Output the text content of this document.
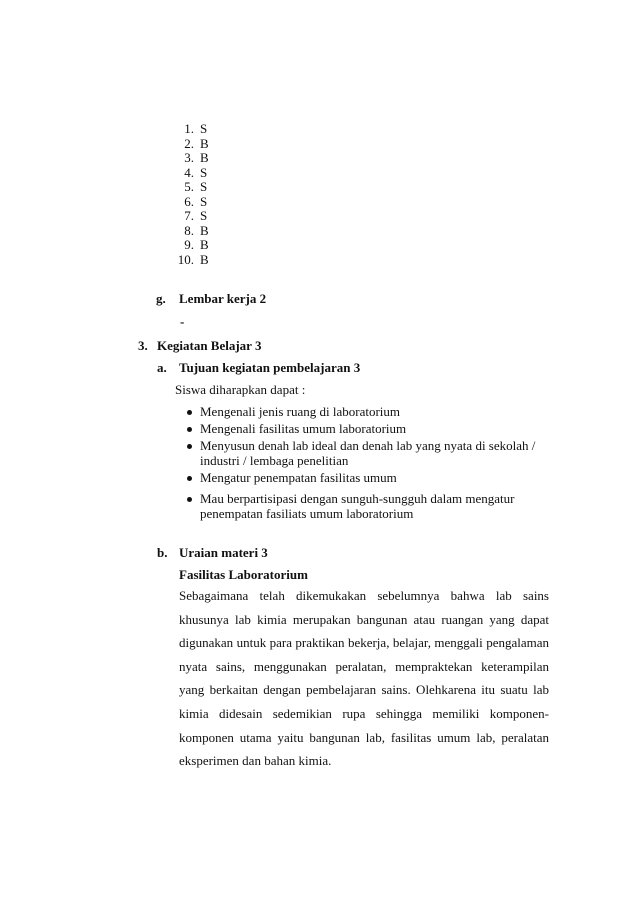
1. S
2. B
3. B
4. S
5. S
6. S
7. S
8. B
9. B
10. B
g. Lembar kerja 2
-
3. Kegiatan Belajar 3
a. Tujuan kegiatan pembelajaran 3
Siswa diharapkan dapat :
Mengenali jenis ruang di laboratorium
Mengenali fasilitas umum laboratorium
Menyusun denah lab ideal dan denah lab yang nyata di sekolah /
industri / lembaga penelitian
Mengatur penempatan fasilitas umum
Mau berpartisipasi dengan sunguh-sungguh dalam mengatur
penempatan fasiliats umum laboratorium
b. Uraian materi 3
Fasilitas Laboratorium
Sebagaimana telah dikemukakan sebelumnya bahwa lab sains khusunya lab kimia merupakan bangunan atau ruangan yang dapat digunakan untuk para praktikan bekerja, belajar, menggali pengalaman nyata sains, menggunakan peralatan, mempraktekan keterampilan yang berkaitan dengan pembelajaran sains. Olehkarena itu suatu lab kimia didesain sedemikian rupa sehingga memiliki komponen-komponen utama yaitu bangunan lab, fasilitas umum lab, peralatan eksperimen dan bahan kimia.
